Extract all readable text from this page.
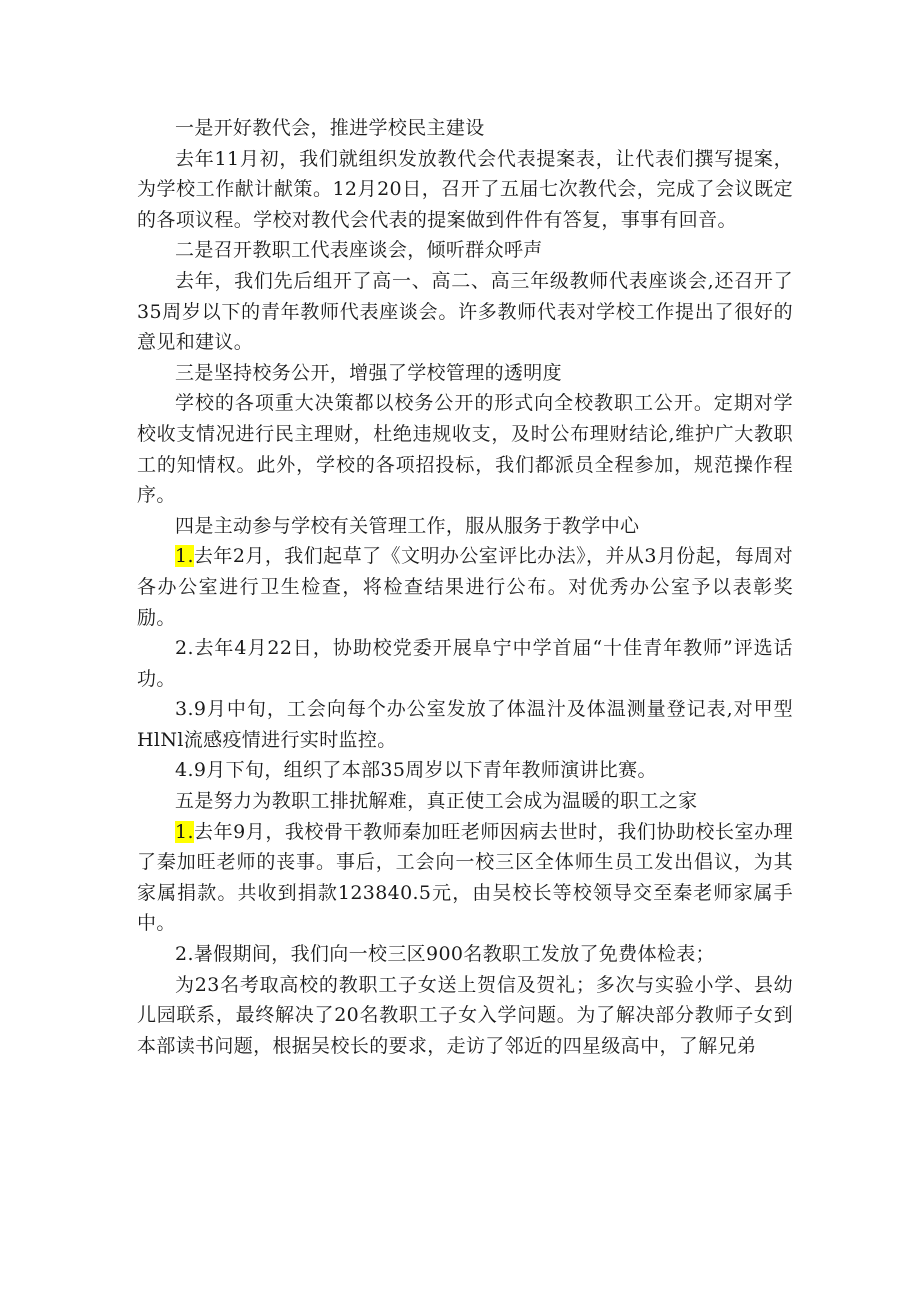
一是开好教代会，推进学校民主建设

去年11月初，我们就组织发放教代会代表提案表，让代表们撰写提案，为学校工作献计献策。12月20日，召开了五届七次教代会，完成了会议既定的各项议程。学校对教代会代表的提案做到件件有答复，事事有回音。

二是召开教职工代表座谈会，倾听群众呼声

去年，我们先后组开了高一、高二、高三年级教师代表座谈会,还召开了35周岁以下的青年教师代表座谈会。许多教师代表对学校工作提出了很好的意见和建议。

三是坚持校务公开，增强了学校管理的透明度

学校的各项重大决策都以校务公开的形式向全校教职工公开。定期对学校收支情况进行民主理财，杜绝违规收支，及时公布理财结论,维护广大教职工的知情权。此外，学校的各项招投标，我们都派员全程参加，规范操作程序。

四是主动参与学校有关管理工作，服从服务于教学中心

1.去年2月，我们起草了《文明办公室评比办法》，并从3月份起，每周对各办公室进行卫生检查，将检查结果进行公布。对优秀办公室予以表彰奖励。

2.去年4月22日，协助校党委开展阜宁中学首届“十佳青年教师”评选话功。

3.9月中旬，工会向每个办公室发放了体温汁及体温测量登记表,对甲型HlNl流感疫情进行实时监控。

4.9月下旬，组织了本部35周岁以下青年教师演讲比赛。

五是努力为教职工排扰解难，真正使工会成为温暖的职工之家

1.去年9月，我校骨干教师秦加旺老师因病去世时，我们协助校长室办理了秦加旺老师的丧事。事后，工会向一校三区全体师生员工发出倡议，为其家属捐款。共收到捐款123840.5元，由吴校长等校领导交至秦老师家属手中。

2.暑假期间，我们向一校三区900名教职工发放了免费体检表；

为23名考取高校的教职工子女送上贺信及贺礼；多次与实验小学、县幼儿园联系，最终解决了20名教职工子女入学问题。为了解决部分教师子女到本部读书问题，根据吴校长的要求，走访了邻近的四星级高中，了解兄弟
